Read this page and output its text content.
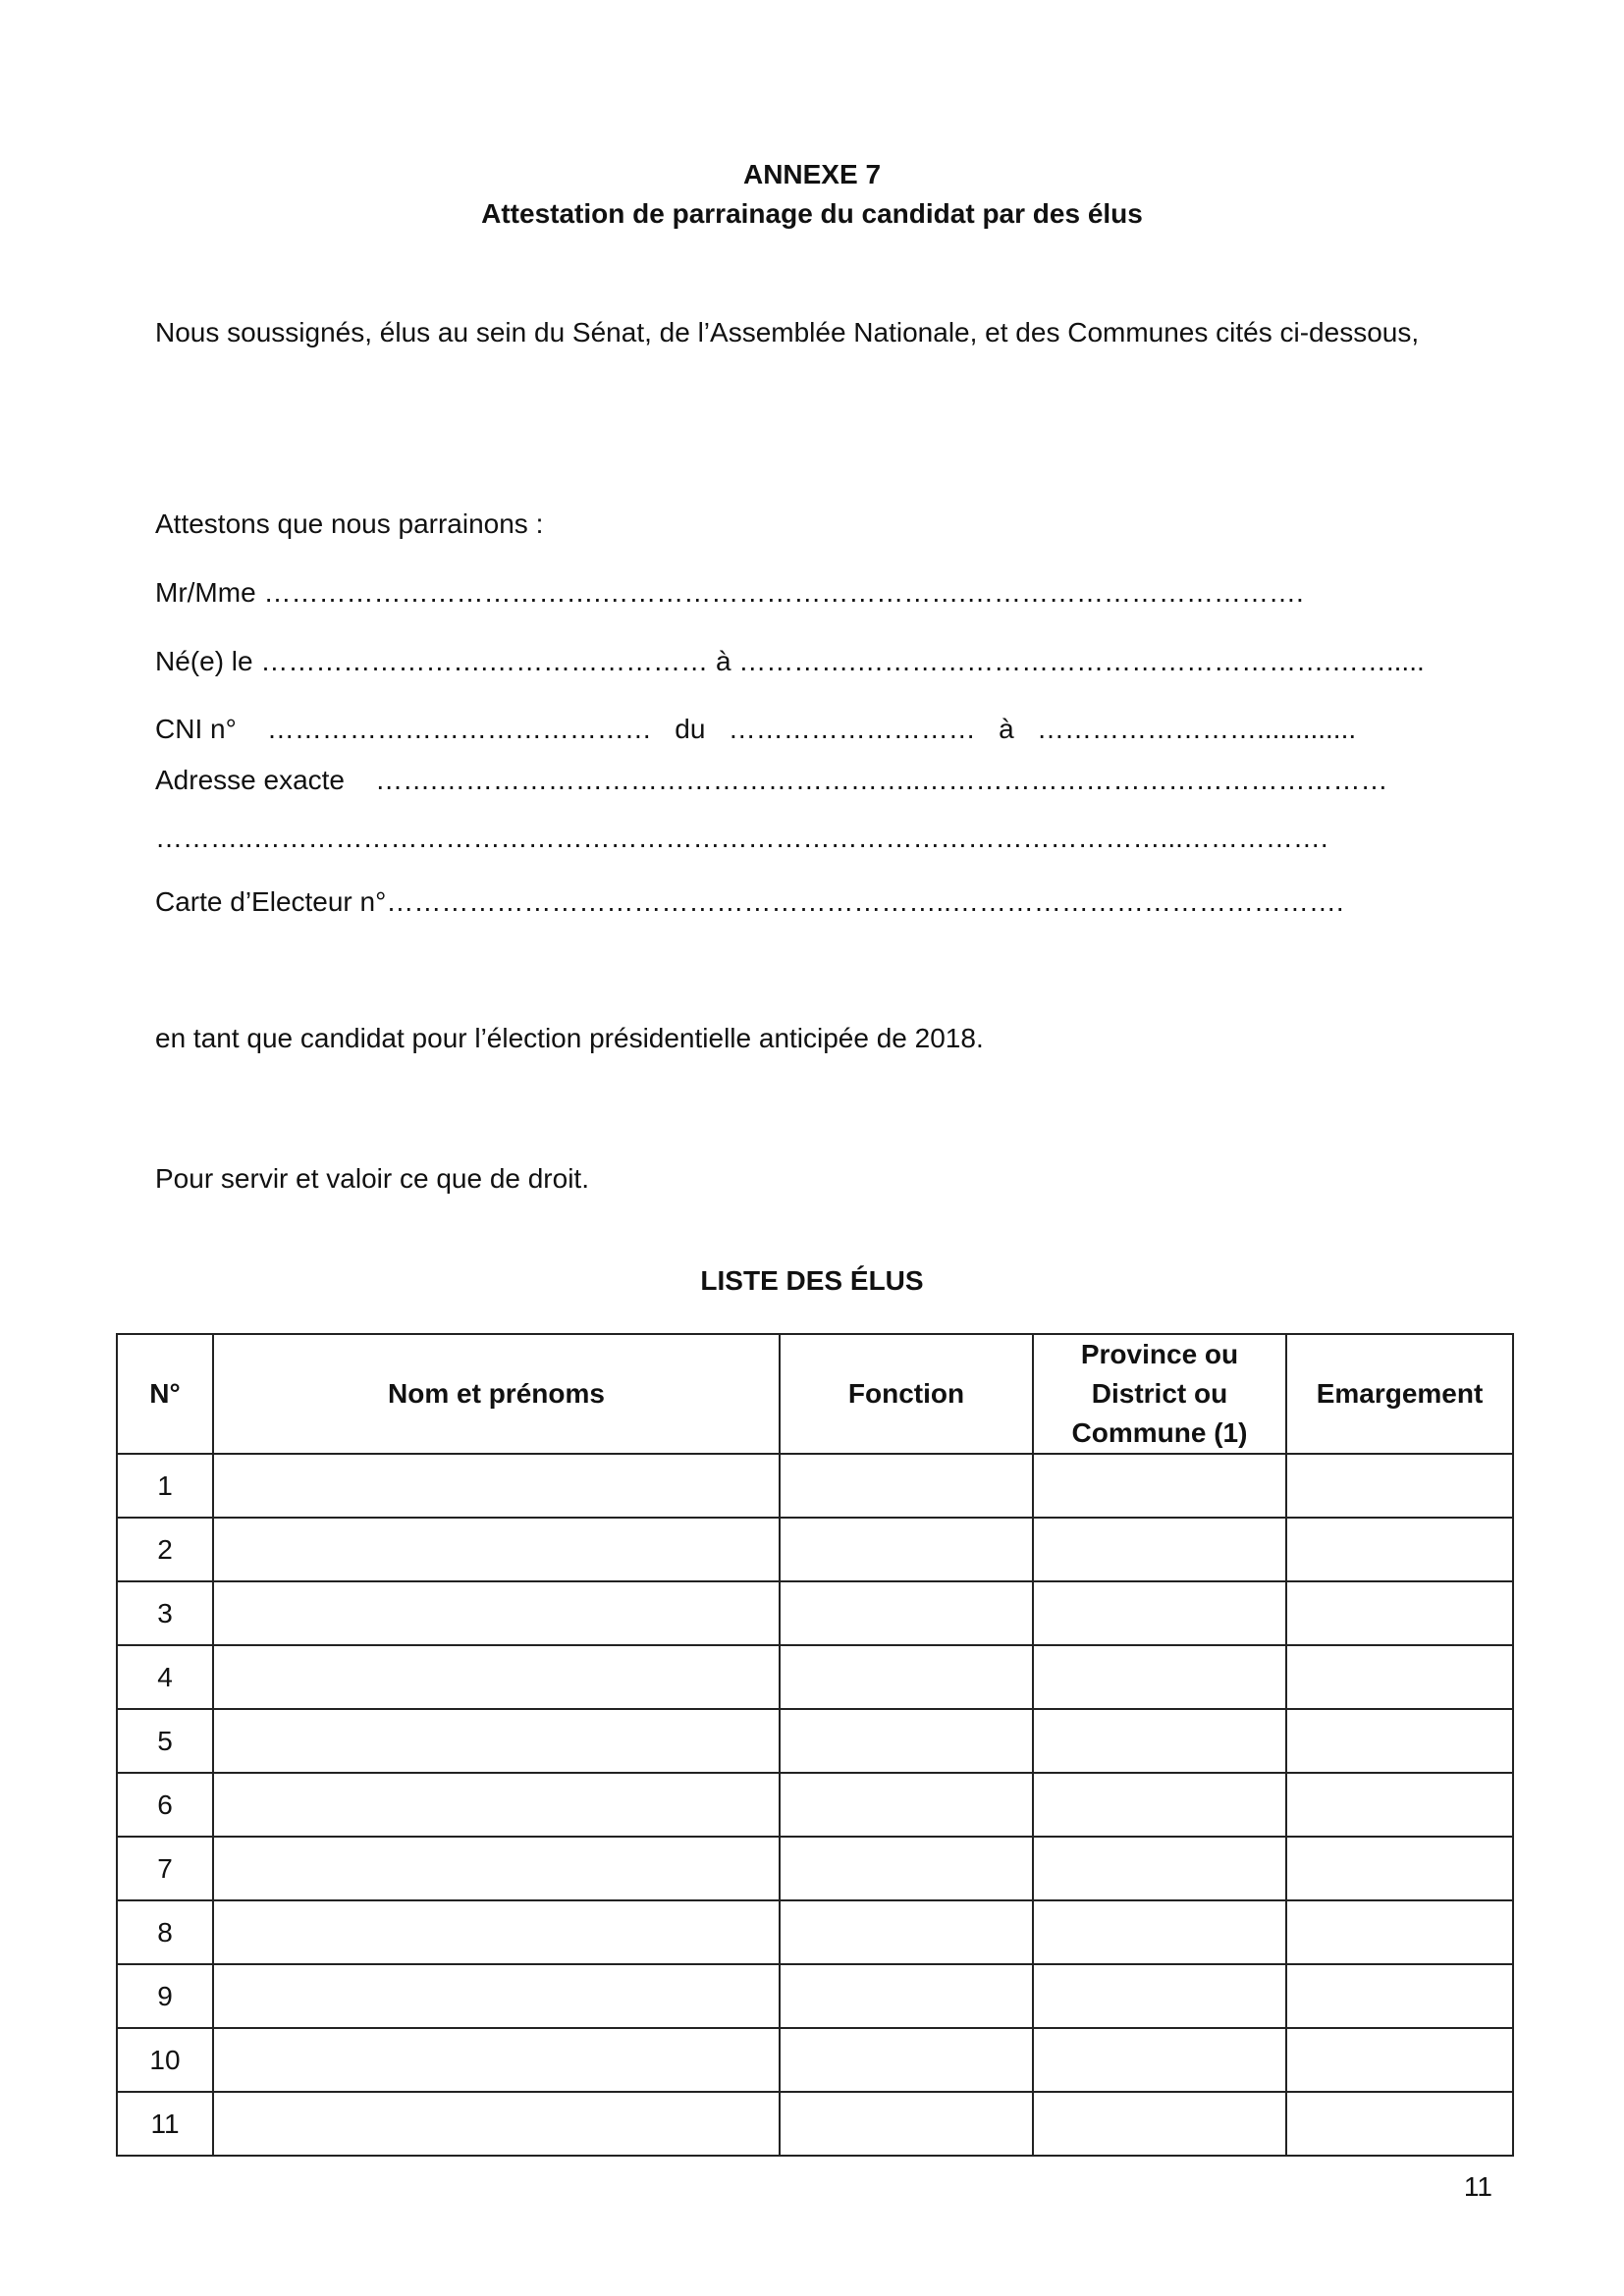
ANNEXE 7
Attestation de parrainage du candidat par des élus
Nous soussignés, élus au sein du Sénat, de l’Assemblée Nationale, et des Communes cités ci-dessous,
Attestons que nous parrainons :
Mr/Mme ……………………………….………………………………….……………………………….
Né(e) le …………………….…………………… à ………….…………………………………………….…….....
CNI n° …………………………………… du ……………………… à …………………….............
Adresse exacte …….……………………………………………..……………………………………………
………..………………………………………………………………………………………...…………….
Carte d’Electeur n°……………………………………………………..…………………………………….
en tant que candidat pour l’élection présidentielle anticipée de 2018.
Pour servir et valoir ce que de droit.
LISTE DES ÉLUS
N°	Nom et prénoms	Fonction	Province ou District ou Commune (1)	Emargement
1				
2				
3				
4				
5				
6				
7				
8				
9				
10				
11				
11
